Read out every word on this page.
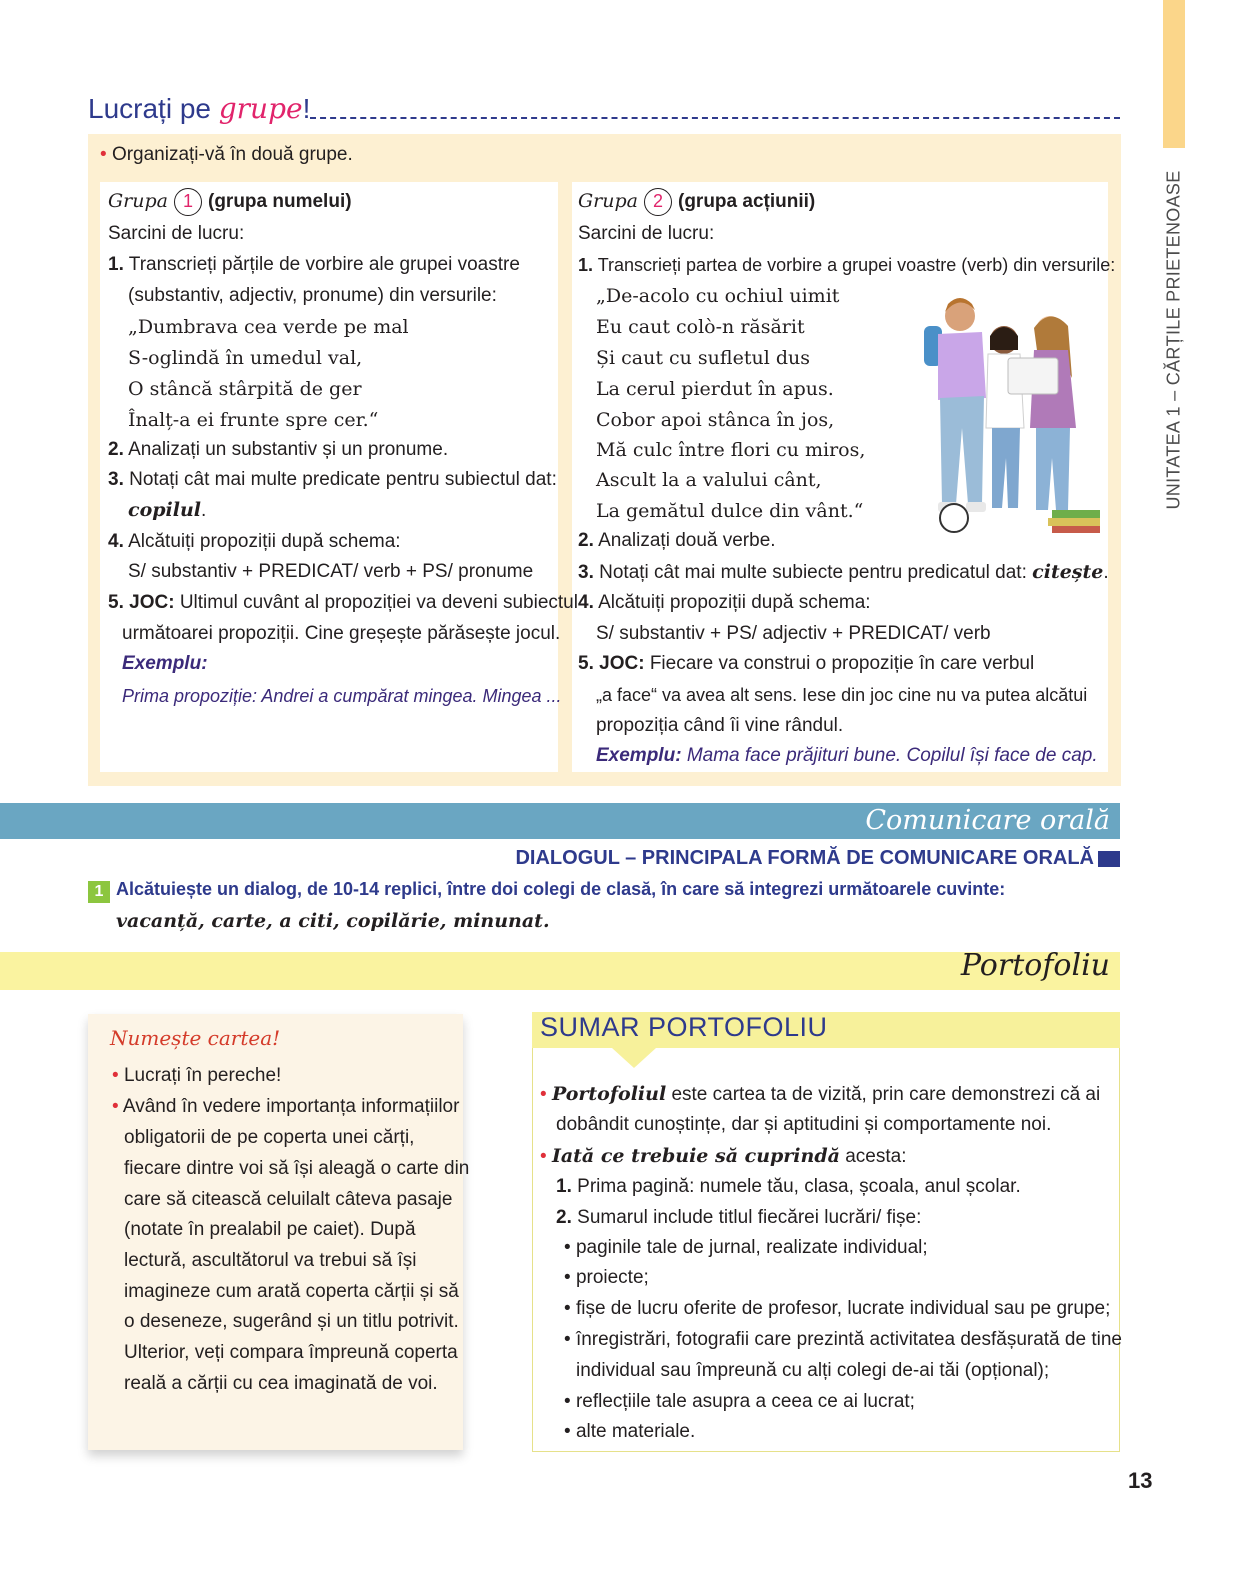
UNITATEA 1 – CĂRȚILE PRIETENOASE
Lucrați pe grupe!
• Organizați-vă în două grupe.
Grupa 1 (grupa numelui)
Sarcini de lucru:
1. Transcrieți părțile de vorbire ale grupei voastre
(substantiv, adjectiv, pronume) din versurile:
„Dumbrava cea verde pe mal
S-oglindă în umedul val,
O stâncă stârpită de ger
Înalț-a ei frunte spre cer.“
2. Analizați un substantiv și un pronume.
3. Notați cât mai multe predicate pentru subiectul dat:
copilul.
4. Alcătuiți propoziții după schema:
S/ substantiv + PREDICAT/ verb + PS/ pronume
5. JOC: Ultimul cuvânt al propoziției va deveni subiectul
următoarei propoziții. Cine greșește părăsește jocul.
Exemplu:
Prima propoziție: Andrei a cumpărat mingea. Mingea ...
Grupa 2 (grupa acțiunii)
Sarcini de lucru:
1. Transcrieți partea de vorbire a grupei voastre (verb) din versurile:
„De-acolo cu ochiul uimit
Eu caut colò-n răsărit
Și caut cu sufletul dus
La cerul pierdut în apus.
Cobor apoi stânca în jos,
Mă culc între flori cu miros,
Ascult la a valului cânt,
La gemătul dulce din vânt.“
2. Analizați două verbe.
3. Notați cât mai multe subiecte pentru predicatul dat: citește.
4. Alcătuiți propoziții după schema:
S/ substantiv + PS/ adjectiv + PREDICAT/ verb
5. JOC: Fiecare va construi o propoziție în care verbul
„a face“ va avea alt sens. Iese din joc cine nu va putea alcătui
propoziția când îi vine rândul.
Exemplu: Mama face prăjituri bune. Copilul își face de cap.
Comunicare orală
DIALOGUL – PRINCIPALA FORMĂ DE COMUNICARE ORALĂ
1 Alcătuiește un dialog, de 10-14 replici, între doi colegi de clasă, în care să integrezi următoarele cuvinte:
vacanță, carte, a citi, copilărie, minunat.
Portofoliu
Numește cartea!
• Lucrați în pereche!
• Având în vedere importanța informațiilor
obligatorii de pe coperta unei cărți,
fiecare dintre voi să își aleagă o carte din
care să citească celuilalt câteva pasaje
(notate în prealabil pe caiet). După
lectură, ascultătorul va trebui să își
imagineze cum arată coperta cărții și să
o deseneze, sugerând și un titlu potrivit.
Ulterior, veți compara împreună coperta
reală a cărții cu cea imaginată de voi.
SUMAR PORTOFOLIU
• Portofoliul este cartea ta de vizită, prin care demonstrezi că ai
dobândit cunoștințe, dar și aptitudini și comportamente noi.
• Iată ce trebuie să cuprindă acesta:
1. Prima pagină: numele tău, clasa, școala, anul școlar.
2. Sumarul include titlul fiecărei lucrări/ fișe:
• paginile tale de jurnal, realizate individual;
• proiecte;
• fișe de lucru oferite de profesor, lucrate individual sau pe grupe;
• înregistrări, fotografii care prezintă activitatea desfășurată de tine
individual sau împreună cu alți colegi de-ai tăi (opțional);
• reflecțiile tale asupra a ceea ce ai lucrat;
• alte materiale.
13
